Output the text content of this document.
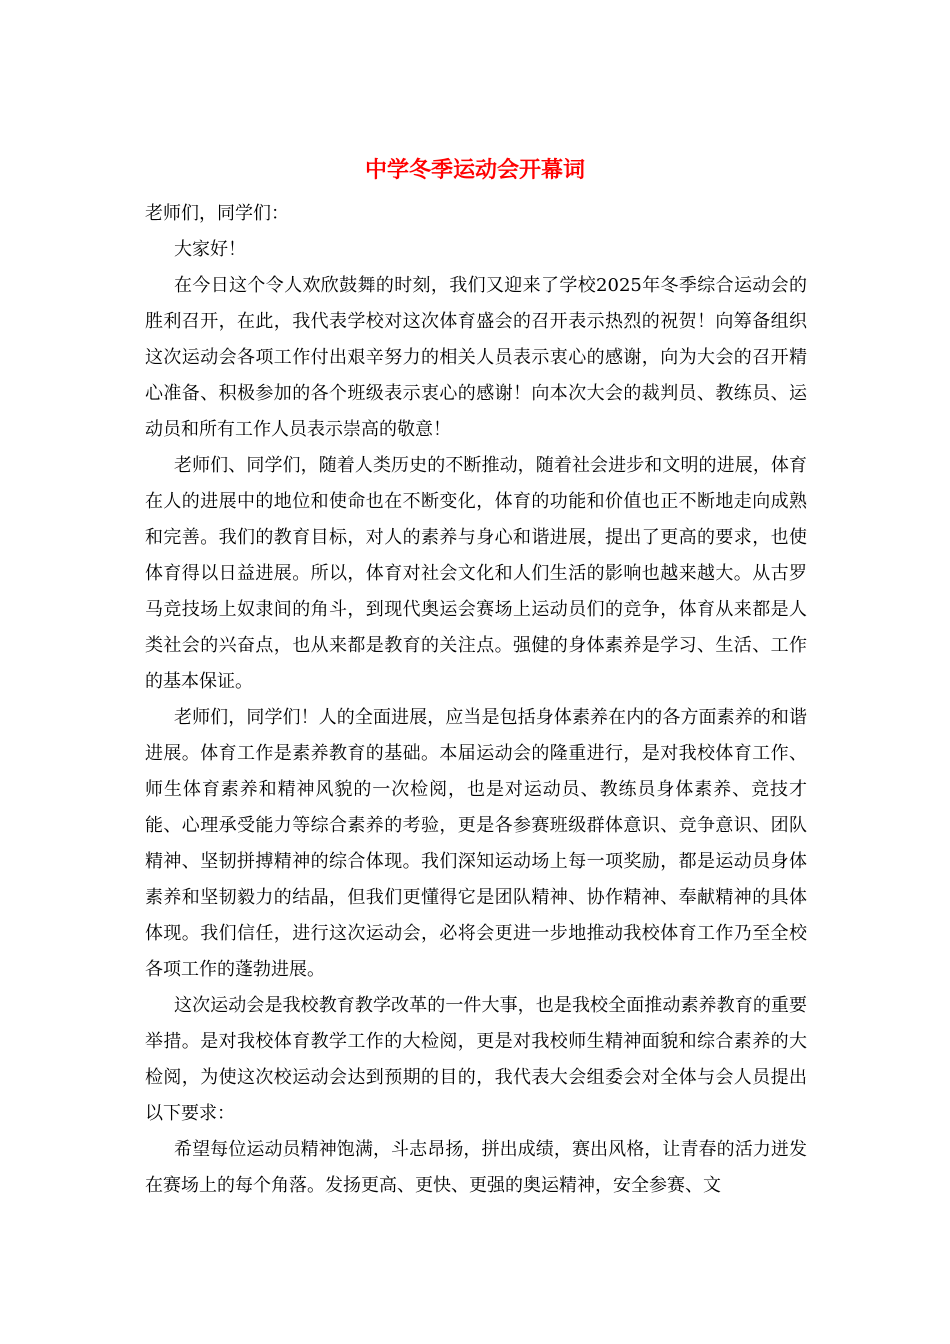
中学冬季运动会开幕词

老师们，同学们：

大家好！

在今日这个令人欢欣鼓舞的时刻，我们又迎来了学校2025年冬季综合运动会的胜利召开，在此，我代表学校对这次体育盛会的召开表示热烈的祝贺！向筹备组织这次运动会各项工作付出艰辛努力的相关人员表示衷心的感谢，向为大会的召开精心准备、积极参加的各个班级表示衷心的感谢！向本次大会的裁判员、教练员、运动员和所有工作人员表示崇高的敬意！

老师们、同学们，随着人类历史的不断推动，随着社会进步和文明的进展，体育在人的进展中的地位和使命也在不断变化，体育的功能和价值也正不断地走向成熟和完善。我们的教育目标，对人的素养与身心和谐进展，提出了更高的要求，也使体育得以日益进展。所以，体育对社会文化和人们生活的影响也越来越大。从古罗马竞技场上奴隶间的角斗，到现代奥运会赛场上运动员们的竞争，体育从来都是人类社会的兴奋点，也从来都是教育的关注点。强健的身体素养是学习、生活、工作的基本保证。

老师们，同学们！人的全面进展，应当是包括身体素养在内的各方面素养的和谐进展。体育工作是素养教育的基础。本届运动会的隆重进行，是对我校体育工作、师生体育素养和精神风貌的一次检阅，也是对运动员、教练员身体素养、竞技才能、心理承受能力等综合素养的考验，更是各参赛班级群体意识、竞争意识、团队精神、坚韧拼搏精神的综合体现。我们深知运动场上每一项奖励，都是运动员身体素养和坚韧毅力的结晶，但我们更懂得它是团队精神、协作精神、奉献精神的具体体现。我们信任，进行这次运动会，必将会更进一步地推动我校体育工作乃至全校各项工作的蓬勃进展。

这次运动会是我校教育教学改革的一件大事，也是我校全面推动素养教育的重要举措。是对我校体育教学工作的大检阅，更是对我校师生精神面貌和综合素养的大检阅，为使这次校运动会达到预期的目的，我代表大会组委会对全体与会人员提出以下要求：

希望每位运动员精神饱满，斗志昂扬，拼出成绩，赛出风格，让青春的活力迸发在赛场上的每个角落。发扬更高、更快、更强的奥运精神，安全参赛、文
